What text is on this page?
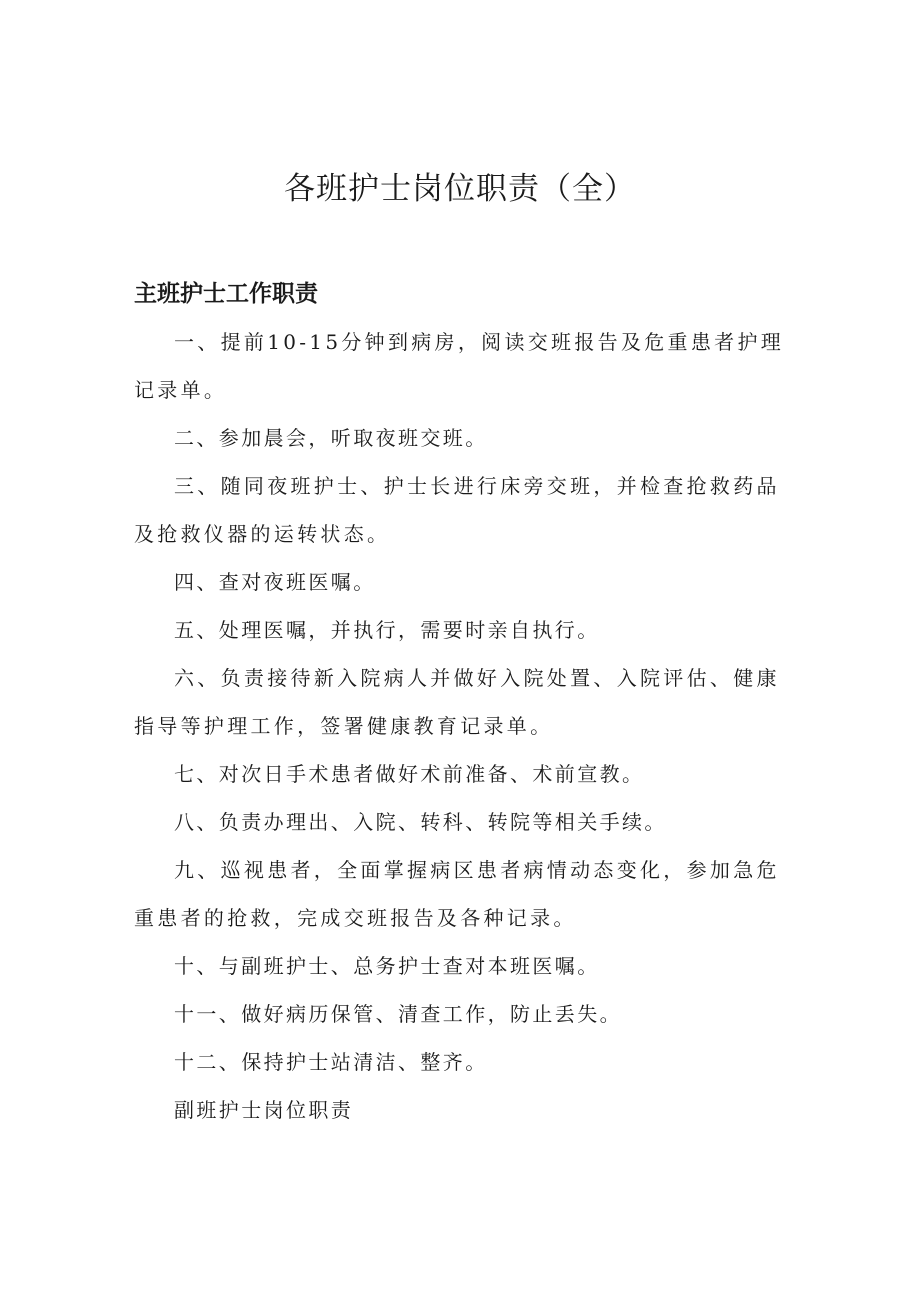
各班护士岗位职责（全）
主班护士工作职责

一、提前10-15分钟到病房，阅读交班报告及危重患者护理记录单。

二、参加晨会，听取夜班交班。

三、随同夜班护士、护士长进行床旁交班，并检查抢救药品及抢救仪器的运转状态。

四、查对夜班医嘱。

五、处理医嘱，并执行，需要时亲自执行。

六、负责接待新入院病人并做好入院处置、入院评估、健康指导等护理工作，签署健康教育记录单。

七、对次日手术患者做好术前准备、术前宣教。

八、负责办理出、入院、转科、转院等相关手续。

九、巡视患者，全面掌握病区患者病情动态变化，参加急危重患者的抢救，完成交班报告及各种记录。

十、与副班护士、总务护士查对本班医嘱。

十一、做好病历保管、清查工作，防止丢失。

十二、保持护士站清洁、整齐。

副班护士岗位职责
